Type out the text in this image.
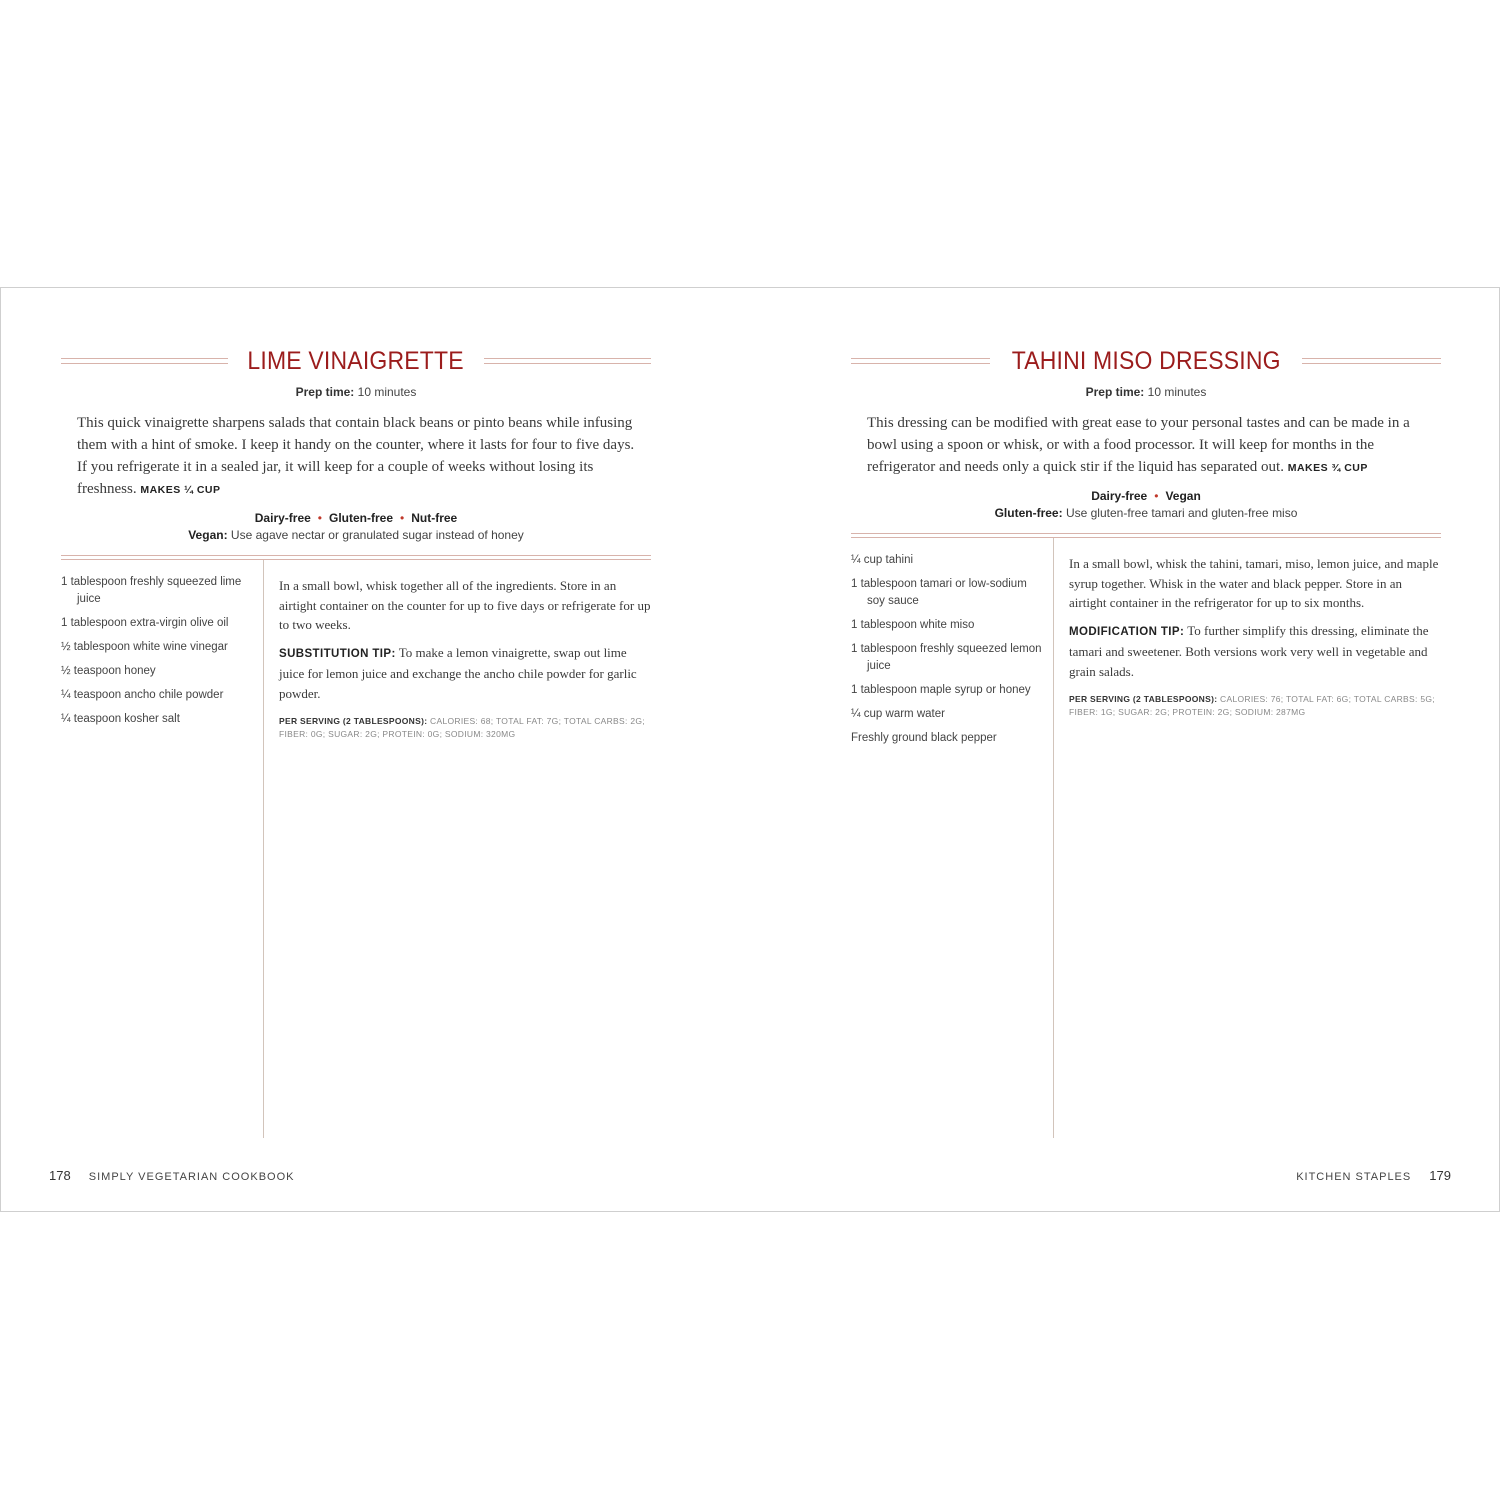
LIME VINAIGRETTE
Prep time: 10 minutes
This quick vinaigrette sharpens salads that contain black beans or pinto beans while infusing them with a hint of smoke. I keep it handy on the counter, where it lasts for four to five days. If you refrigerate it in a sealed jar, it will keep for a couple of weeks without losing its freshness. MAKES ¼ CUP
Dairy-free • Gluten-free • Nut-free
Vegan: Use agave nectar or granulated sugar instead of honey
1 tablespoon freshly squeezed lime juice
1 tablespoon extra-virgin olive oil
½ tablespoon white wine vinegar
½ teaspoon honey
¼ teaspoon ancho chile powder
¼ teaspoon kosher salt

In a small bowl, whisk together all of the ingredients. Store in an airtight container on the counter for up to five days or refrigerate for up to two weeks.

SUBSTITUTION TIP: To make a lemon vinaigrette, swap out lime juice for lemon juice and exchange the ancho chile powder for garlic powder.

PER SERVING (2 TABLESPOONS): CALORIES: 68; TOTAL FAT: 7G; TOTAL CARBS: 2G; FIBER: 0G; SUGAR: 2G; PROTEIN: 0G; SODIUM: 320MG
178 SIMPLY VEGETARIAN COOKBOOK
TAHINI MISO DRESSING
Prep time: 10 minutes
This dressing can be modified with great ease to your personal tastes and can be made in a bowl using a spoon or whisk, or with a food processor. It will keep for months in the refrigerator and needs only a quick stir if the liquid has separated out. MAKES ¾ CUP
Dairy-free • Vegan
Gluten-free: Use gluten-free tamari and gluten-free miso
¼ cup tahini
1 tablespoon tamari or low-sodium soy sauce
1 tablespoon white miso
1 tablespoon freshly squeezed lemon juice
1 tablespoon maple syrup or honey
¼ cup warm water
Freshly ground black pepper

In a small bowl, whisk the tahini, tamari, miso, lemon juice, and maple syrup together. Whisk in the water and black pepper. Store in an airtight container in the refrigerator for up to six months.

MODIFICATION TIP: To further simplify this dressing, eliminate the tamari and sweetener. Both versions work very well in vegetable and grain salads.

PER SERVING (2 TABLESPOONS): CALORIES: 76; TOTAL FAT: 6G; TOTAL CARBS: 5G; FIBER: 1G; SUGAR: 2G; PROTEIN: 2G; SODIUM: 287MG
KITCHEN STAPLES 179
